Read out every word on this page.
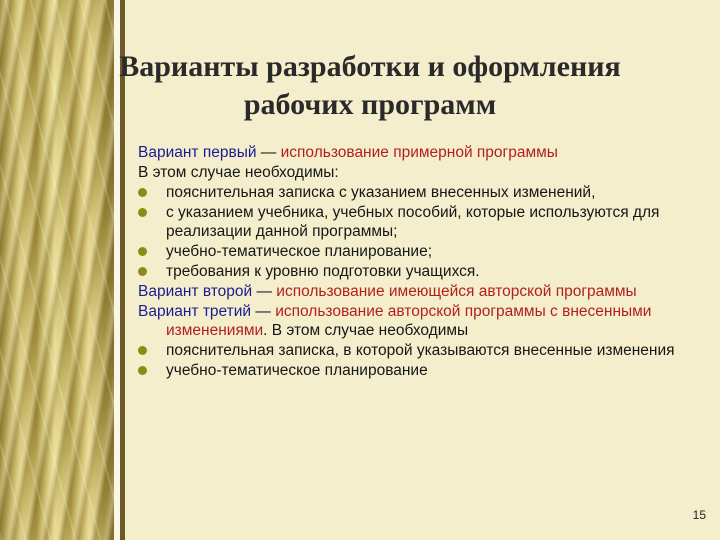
Варианты разработки и оформления
рабочих программ
Вариант первый — использование примерной программы
В этом случае необходимы:
пояснительная записка с указанием внесенных изменений,
с указанием учебника, учебных пособий, которые используются для реализации данной программы;
учебно-тематическое планирование;
требования к уровню подготовки учащихся.
Вариант второй — использование имеющейся авторской программы
Вариант третий — использование авторской программы с внесенными изменениями. В этом случае необходимы
пояснительная записка, в которой указываются внесенные изменения
учебно-тематическое планирование
15
